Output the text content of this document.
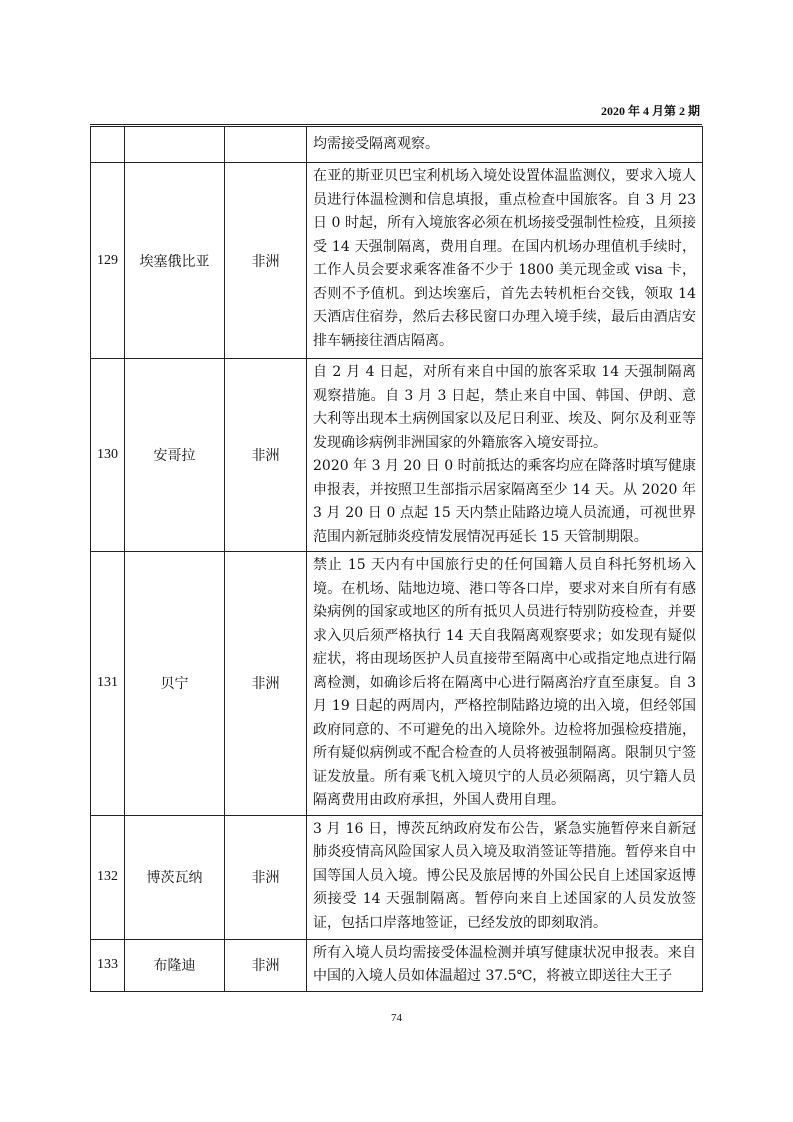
2020 年 4 月第 2 期
			均需接受隔离观察。
129	埃塞俄比亚	非洲	在亚的斯亚贝巴宝利机场入境处设置体温监测仪，要求入境人员进行体温检测和信息填报，重点检查中国旅客。自 3 月 23 日 0 时起，所有入境旅客必须在机场接受强制性检疫，且须接受 14 天强制隔离，费用自理。在国内机场办理值机手续时，工作人员会要求乘客准备不少于 1800 美元现金或 visa 卡，否则不予值机。到达埃塞后，首先去转机柜台交钱，领取 14 天酒店住宿券，然后去移民窗口办理入境手续，最后由酒店安排车辆接往酒店隔离。
130	安哥拉	非洲	自 2 月 4 日起，对所有来自中国的旅客采取 14 天强制隔离观察措施。自 3 月 3 日起，禁止来自中国、韩国、伊朗、意大利等出现本土病例国家以及尼日利亚、埃及、阿尔及利亚等发现确诊病例非洲国家的外籍旅客入境安哥拉。
2020 年 3 月 20 日 0 时前抵达的乘客均应在降落时填写健康申报表，并按照卫生部指示居家隔离至少 14 天。从 2020 年 3 月 20 日 0 点起 15 天内禁止陆路边境人员流通，可视世界范围内新冠肺炎疫情发展情况再延长 15 天管制期限。

131	贝宁	非洲	禁止 15 天内有中国旅行史的任何国籍人员自科托努机场入境。在机场、陆地边境、港口等各口岸，要求对来自所有有感染病例的国家或地区的所有抵贝人员进行特别防疫检查，并要求入贝后须严格执行 14 天自我隔离观察要求；如发现有疑似症状，将由现场医护人员直接带至隔离中心或指定地点进行隔离检测，如确诊后将在隔离中心进行隔离治疗直至康复。自 3 月 19 日起的两周内，严格控制陆路边境的出入境，但经邻国政府同意的、不可避免的出入境除外。边检将加强检疫措施，所有疑似病例或不配合检查的人员将被强制隔离。限制贝宁签证发放量。所有乘飞机入境贝宁的人员必须隔离，贝宁籍人员隔离费用由政府承担，外国人费用自理。
132	博茨瓦纳	非洲	3 月 16 日，博茨瓦纳政府发布公告，紧急实施暂停来自新冠肺炎疫情高风险国家人员入境及取消签证等措施。暂停来自中国等国人员入境。博公民及旅居博的外国公民自上述国家返博须接受 14 天强制隔离。暂停向来自上述国家的人员发放签证，包括口岸落地签证，已经发放的即刻取消。
133	布隆迪	非洲	所有入境人员均需接受体温检测并填写健康状况申报表。来自中国的入境人员如体温超过 37.5℃，将被立即送往大王子
74
